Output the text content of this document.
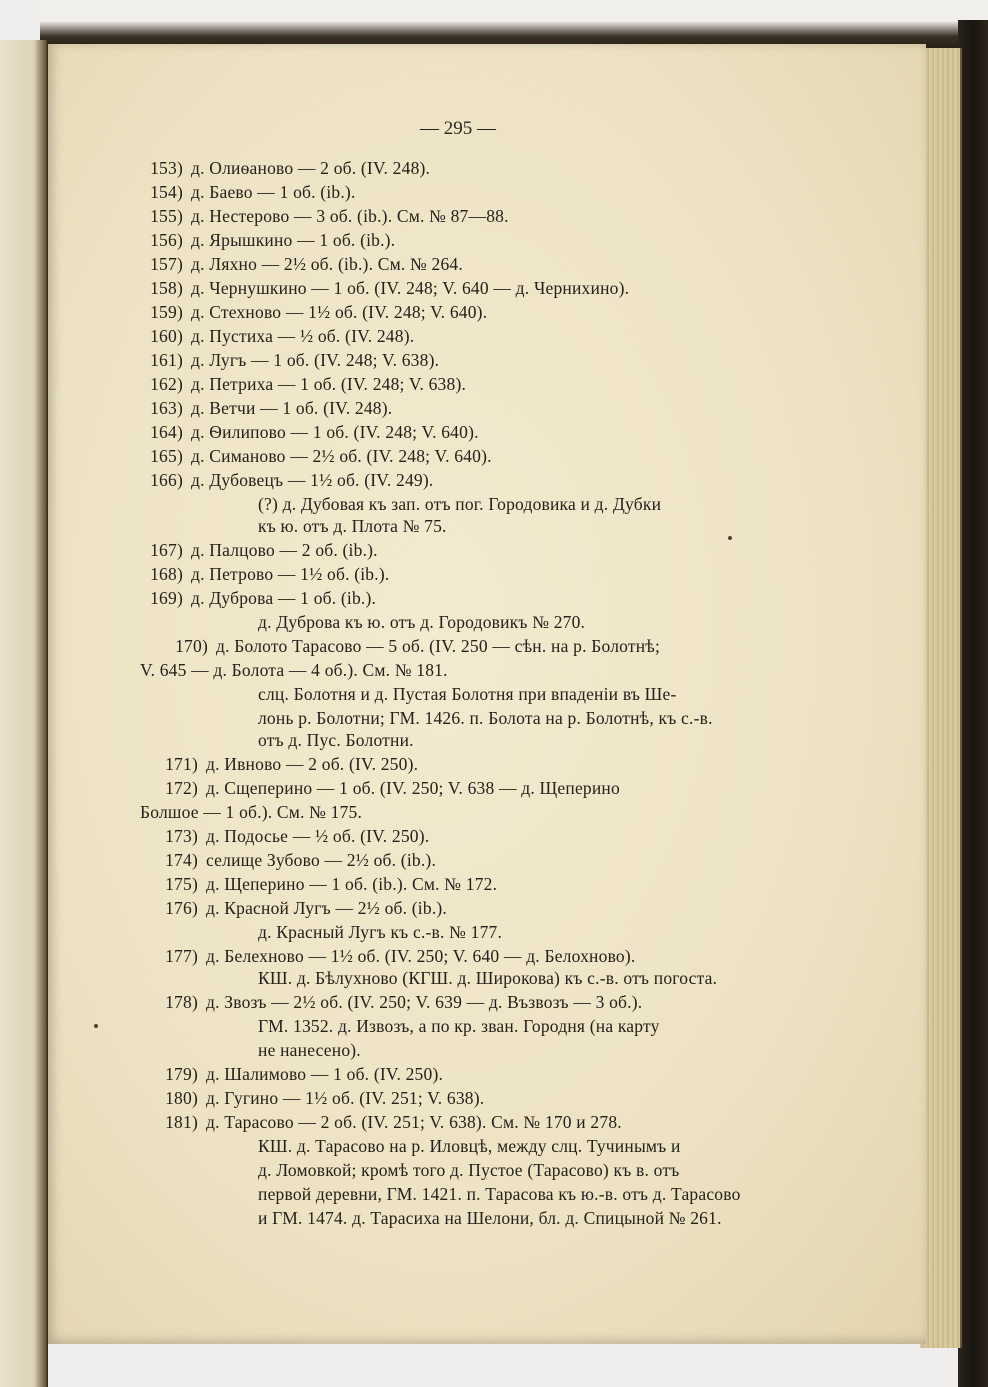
— 295 —
153) д. Олиѳаново — 2 об. (IV. 248).
154) д. Баево — 1 об. (ib.).
155) д. Нестерово — 3 об. (ib.). См. № 87—88.
156) д. Ярышкино — 1 об. (ib.).
157) д. Ляхно — 2½ об. (ib.). См. № 264.
158) д. Чернушкино — 1 об. (IV. 248; V. 640 — д. Чернихино).
159) д. Стехново — 1½ об. (IV. 248; V. 640).
160) д. Пустиха — ½ об. (IV. 248).
161) д. Лугъ — 1 об. (IV. 248; V. 638).
162) д. Петриха — 1 об. (IV. 248; V. 638).
163) д. Ветчи — 1 об. (IV. 248).
164) д. Ѳилипово — 1 об. (IV. 248; V. 640).
165) д. Симаново — 2½ об. (IV. 248; V. 640).
166) д. Дубовецъ — 1½ об. (IV. 249).
(?) д. Дубовая къ зап. отъ пог. Городовика и д. Дубки
къ ю. отъ д. Плота № 75.
167) д. Палцово — 2 об. (ib.).
168) д. Петрово — 1½ об. (ib.).
169) д. Дуброва — 1 об. (ib.).
д. Дуброва къ ю. отъ д. Городовикъ № 270.
170) д. Болото Тарасово — 5 об. (IV. 250 — сѣн. на р. Болотнѣ;
V. 645 — д. Болота — 4 об.). См. № 181.
слц. Болотня и д. Пустая Болотня при впаденіи въ Ше-
лонь р. Болотни; ГМ. 1426. п. Болота на р. Болотнѣ, къ с.-в.
отъ д. Пус. Болотни.
171) д. Ивново — 2 об. (IV. 250).
172) д. Сщеперино — 1 об. (IV. 250; V. 638 — д. Щеперино
Болшое — 1 об.). См. № 175.
173) д. Подосье — ½ об. (IV. 250).
174) селище Зубово — 2½ об. (ib.).
175) д. Щеперино — 1 об. (ib.). См. № 172.
176) д. Красной Лугъ — 2½ об. (ib.).
д. Красный Лугъ къ с.-в. № 177.
177) д. Белехново — 1½ об. (IV. 250; V. 640 — д. Белохново).
КШ. д. Бѣлухново (КГШ. д. Широкова) къ с.-в. отъ погоста.
178) д. Звозъ — 2½ об. (IV. 250; V. 639 — д. Възвозъ — 3 об.).
ГМ. 1352. д. Извозъ, а по кр. зван. Городня (на карту
не нанесено).
179) д. Шалимово — 1 об. (IV. 250).
180) д. Гугино — 1½ об. (IV. 251; V. 638).
181) д. Тарасово — 2 об. (IV. 251; V. 638). См. № 170 и 278.
КШ. д. Тарасово на р. Иловцѣ, между слц. Тучинымъ и
д. Ломовкой; кромѣ того д. Пустое (Тарасово) къ в. отъ
первой деревни, ГМ. 1421. п. Тарасова къ ю.-в. отъ д. Тарасово
и ГМ. 1474. д. Тарасиха на Шелони, бл. д. Спицыной № 261.
